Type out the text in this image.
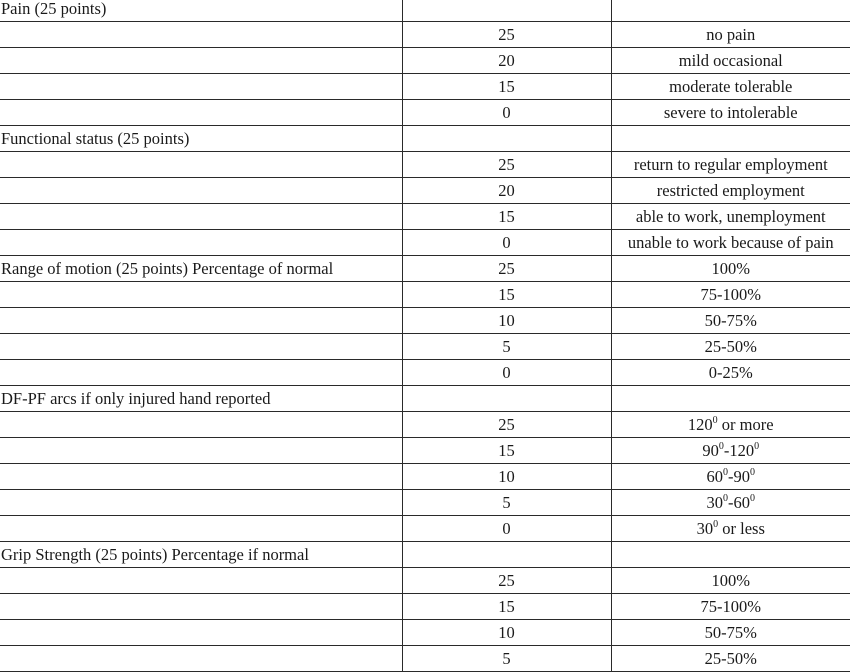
Pain (25 points)		
	25	no pain
	20	mild occasional
	15	moderate tolerable
	0	severe to intolerable
Functional status (25 points)		
	25	return to regular employment
	20	restricted employment
	15	able to work, unemployment
	0	unable to work because of pain
Range of motion (25 points) Percentage of normal	25	100%
	15	75-100%
	10	50-75%
	5	25-50%
	0	0-25%
DF-PF arcs if only injured hand reported		
	25	$120^0$ or more
	15	$90^0-120^0$
	10	$60^0-90^0$
	5	$30^0-60^0$
	0	$30^0$ or less
Grip Strength (25 points) Percentage if normal		
	25	100%
	15	75-100%
	10	50-75%
	5	25-50%
